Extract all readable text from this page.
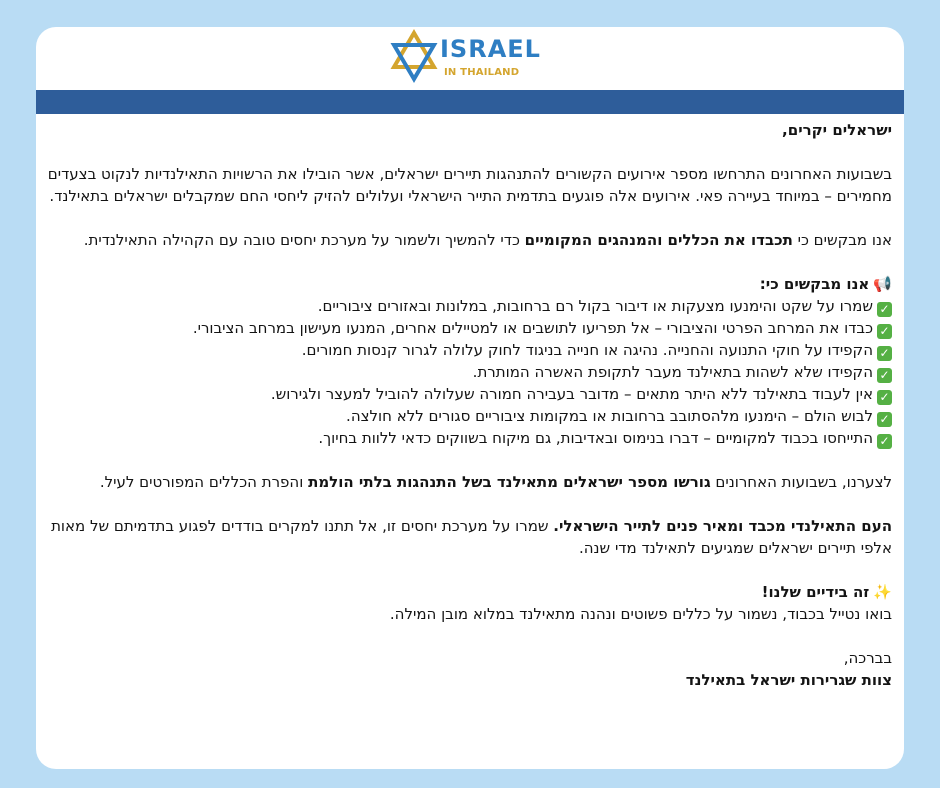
ISRAEL
IN THAILAND

ישראלים יקרים,

בשבועות האחרונים התרחשו מספר אירועים הקשורים להתנהגות תיירים ישראלים, אשר הובילו את הרשויות התאילנדיות לנקוט בצעדים מחמירים – במיוחד בעיירה פאי. אירועים אלה פוגעים בתדמית התייר הישראלי ועלולים להזיק ליחסי החם שמקבלים ישראלים בתאילנד.

אנו מבקשים כי תכבדו את הכללים והמנהגים המקומיים כדי להמשיך ולשמור על מערכת יחסים טובה עם הקהילה התאילנדית.

📢אנו מבקשים כי:

✓שמרו על שקט והימנעו מצעקות או דיבור בקול רם ברחובות, במלונות ובאזורים ציבוריים.
✓כבדו את המרחב הפרטי והציבורי – אל תפריעו לתושבים או למטיילים אחרים, המנעו מעישון במרחב הציבורי.
✓הקפידו על חוקי התנועה והחנייה. נהיגה או חנייה בניגוד לחוק עלולה לגרור קנסות חמורים.
✓הקפידו שלא לשהות בתאילנד מעבר לתקופת האשרה המותרת.
✓אין לעבוד בתאילנד ללא היתר מתאים – מדובר בעבירה חמורה שעלולה להוביל למעצר ולגירוש.
✓לבוש הולם – הימנעו מלהסתובב ברחובות או במקומות ציבוריים סגורים ללא חולצה.
✓התייחסו בכבוד למקומיים – דברו בנימוס ובאדיבות, גם מיקוח בשווקים כדאי ללוות בחיוך.

לצערנו, בשבועות האחרונים גורשו מספר ישראלים מתאילנד בשל התנהגות בלתי הולמת והפרת הכללים המפורטים לעיל.

העם התאילנדי מכבד ומאיר פנים לתייר הישראלי. שמרו על מערכת יחסים זו, אל תתנו למקרים בודדים לפגוע בתדמיתם של מאות אלפי תיירים ישראלים שמגיעים לתאילנד מדי שנה.

✨זה בידיים שלנו!

בואו נטייל בכבוד, נשמור על כללים פשוטים ונהנה מתאילנד במלוא מובן המילה.

בברכה,

צוות שגרירות ישראל בתאילנד
